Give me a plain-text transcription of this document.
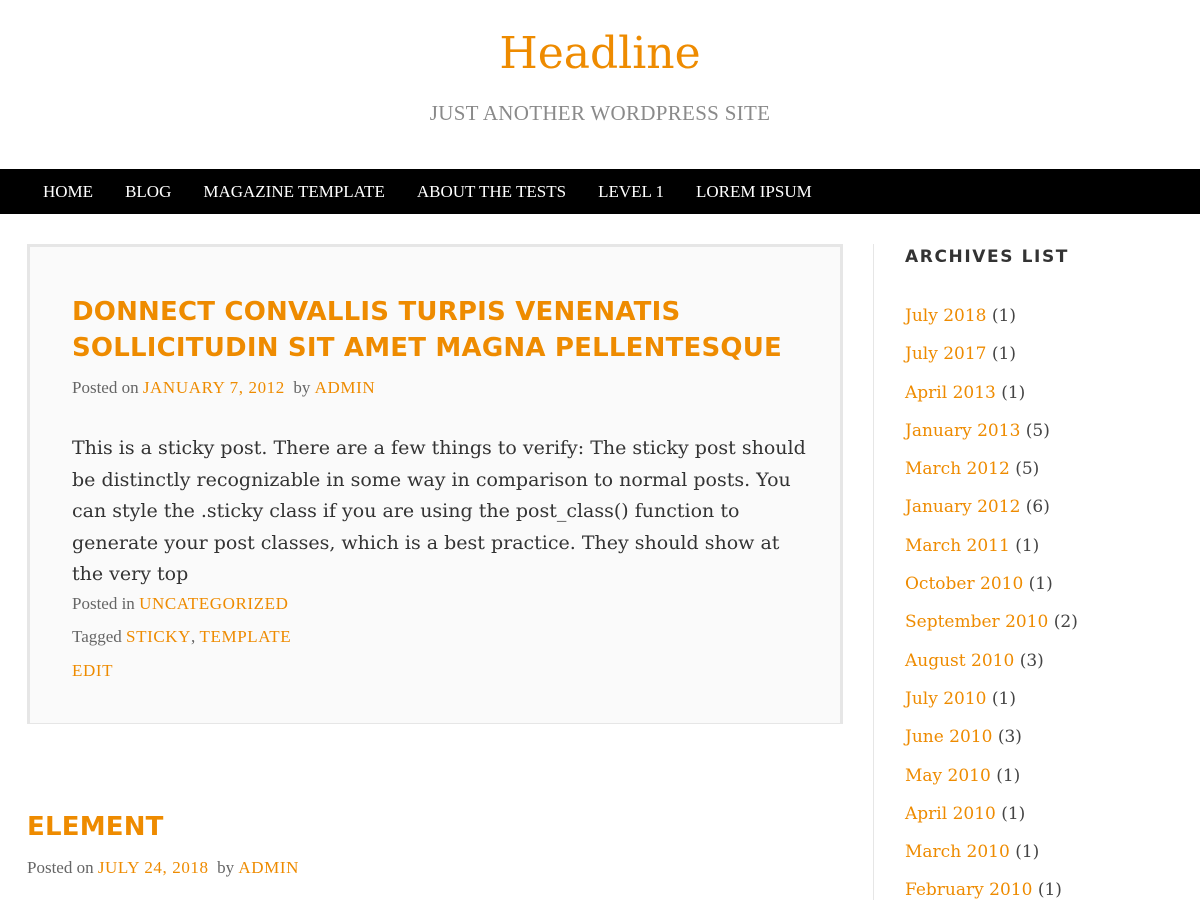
Headline
JUST ANOTHER WORDPRESS SITE
HOME	BLOG	MAGAZINE TEMPLATE	ABOUT THE TESTS	LEVEL 1	LOREM IPSUM
DONNECT CONVALLIS TURPIS VENENATIS SOLLICITUDIN SIT AMET MAGNA PELLENTESQUE
Posted on JANUARY 7, 2012 by ADMIN

This is a sticky post. There are a few things to verify: The sticky post should be distinctly recognizable in some way in comparison to normal posts. You can style the .sticky class if you are using the post_class() function to generate your post classes, which is a best practice. They should show at the very top

Posted in UNCATEGORIZED
Tagged STICKY, TEMPLATE
EDIT
ELEMENT
Posted on JULY 24, 2018 by ADMIN
ARCHIVES LIST
July 2018 (1)
July 2017 (1)
April 2013 (1)
January 2013 (5)
March 2012 (5)
January 2012 (6)
March 2011 (1)
October 2010 (1)
September 2010 (2)
August 2010 (3)
July 2010 (1)
June 2010 (3)
May 2010 (1)
April 2010 (1)
March 2010 (1)
February 2010 (1)
